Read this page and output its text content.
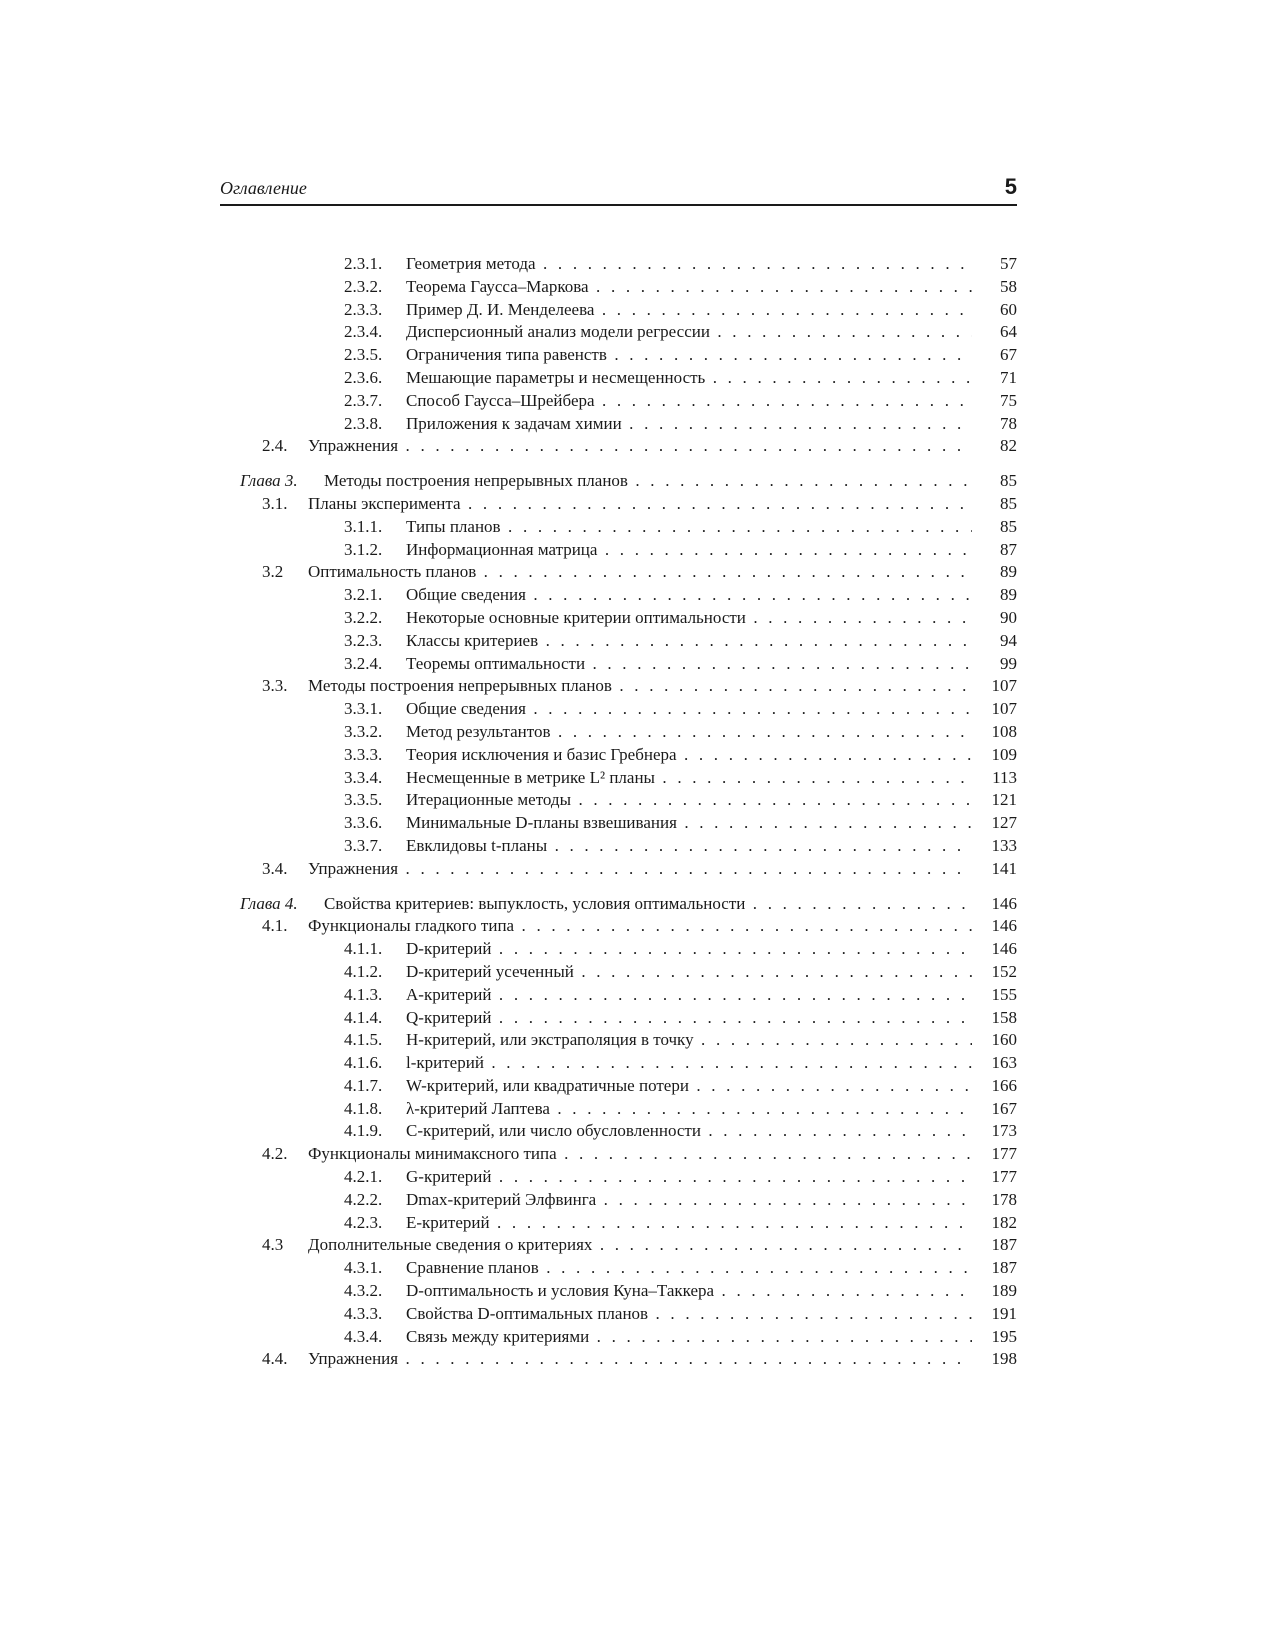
Оглавление	5
2.3.1. Геометрия метода . . .	57
2.3.2. Теорема Гаусса–Маркова . . .	58
2.3.3. Пример Д. И. Менделеева . . .	60
2.3.4. Дисперсионный анализ модели регрессии . . .	64
2.3.5. Ограничения типа равенств . . .	67
2.3.6. Мешающие параметры и несмещенность . . .	71
2.3.7. Способ Гаусса–Шрейбера . . .	75
2.3.8. Приложения к задачам химии . . .	78
2.4. Упражнения . . .	82
Глава 3. Методы построения непрерывных планов . . .	85
3.1. Планы эксперимента . . .	85
3.1.1. Типы планов . . .	85
3.1.2. Информационная матрица . . .	87
3.2 Оптимальность планов . . .	89
3.2.1. Общие сведения . . .	89
3.2.2. Некоторые основные критерии оптимальности . . .	90
3.2.3. Классы критериев . . .	94
3.2.4. Теоремы оптимальности . . .	99
3.3. Методы построения непрерывных планов . . .	107
3.3.1. Общие сведения . . .	107
3.3.2. Метод результантов . . .	108
3.3.3. Теория исключения и базис Гребнера . . .	109
3.3.4. Несмещенные в метрике L² планы . . .	113
3.3.5. Итерационные методы . . .	121
3.3.6. Минимальные D-планы взвешивания . . .	127
3.3.7. Евклидовы t-планы . . .	133
3.4. Упражнения . . .	141
Глава 4. Свойства критериев: выпуклость, условия оптимальности . . .	146
4.1. Функционалы гладкого типа . . .	146
4.1.1. D-критерий . . .	146
4.1.2. D-критерий усеченный . . .	152
4.1.3. A-критерий . . .	155
4.1.4. Q-критерий . . .	158
4.1.5. H-критерий, или экстраполяция в точку . . .	160
4.1.6. l-критерий . . .	163
4.1.7. W-критерий, или квадратичные потери . . .	166
4.1.8. λ-критерий Лаптева . . .	167
4.1.9. C-критерий, или число обусловленности . . .	173
4.2. Функционалы минимаксного типа . . .	177
4.2.1. G-критерий . . .	177
4.2.2. Dmax-критерий Элфвинга . . .	178
4.2.3. E-критерий . . .	182
4.3 Дополнительные сведения о критериях . . .	187
4.3.1. Сравнение планов . . .	187
4.3.2. D-оптимальность и условия Куна–Таккера . . .	189
4.3.3. Свойства D-оптимальных планов . . .	191
4.3.4. Связь между критериями . . .	195
4.4. Упражнения . . .	198
